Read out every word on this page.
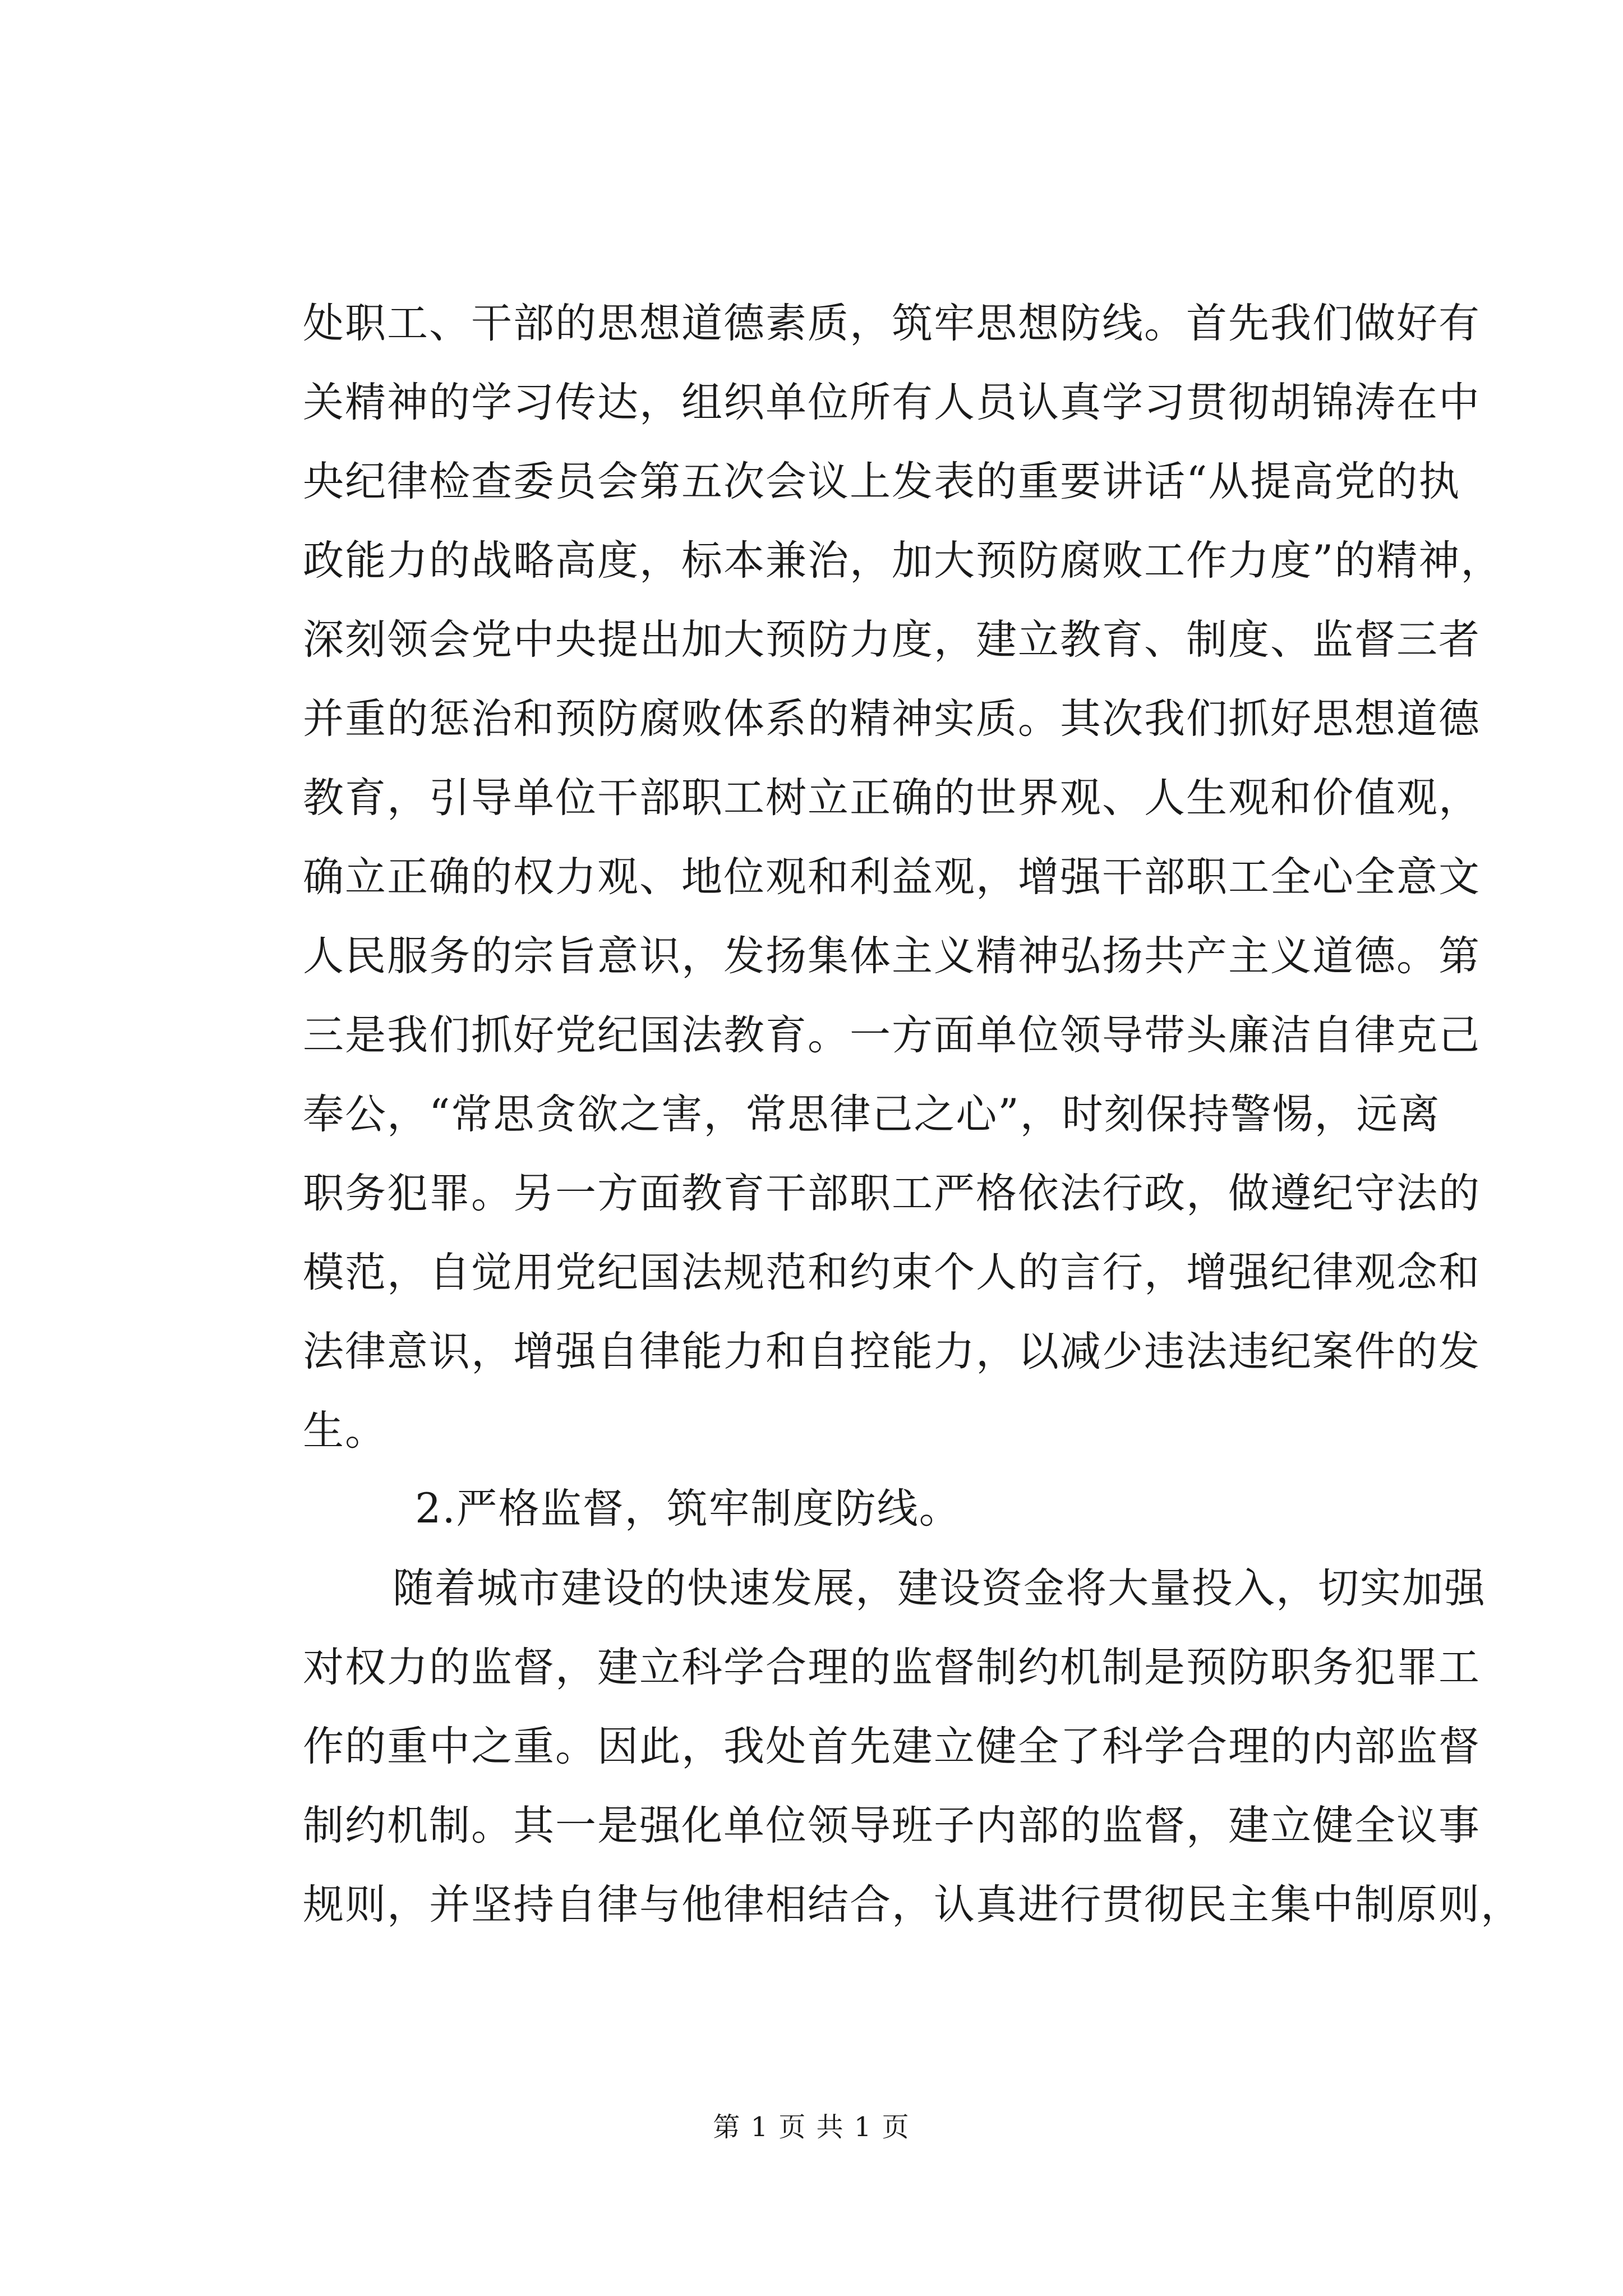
处职工、干部的思想道德素质，筑牢思想防线。首先我们做好有
关精神的学习传达，组织单位所有人员认真学习贯彻胡锦涛在中
央纪律检查委员会第五次会议上发表的重要讲话“从提高党的执
政能力的战略高度，标本兼治，加大预防腐败工作力度”的精神，
深刻领会党中央提出加大预防力度，建立教育、制度、监督三者
并重的惩治和预防腐败体系的精神实质。其次我们抓好思想道德
教育，引导单位干部职工树立正确的世界观、人生观和价值观，
确立正确的权力观、地位观和利益观，增强干部职工全心全意文
人民服务的宗旨意识，发扬集体主义精神弘扬共产主义道德。第
三是我们抓好党纪国法教育。一方面单位领导带头廉洁自律克己
奉公，“常思贪欲之害，常思律己之心”，时刻保持警惕，远离
职务犯罪。另一方面教育干部职工严格依法行政，做遵纪守法的
模范，自觉用党纪国法规范和约束个人的言行，增强纪律观念和
法律意识，增强自律能力和自控能力，以减少违法违纪案件的发
生。
2.严格监督，筑牢制度防线。
随着城市建设的快速发展，建设资金将大量投入，切实加强
对权力的监督，建立科学合理的监督制约机制是预防职务犯罪工
作的重中之重。因此，我处首先建立健全了科学合理的内部监督
制约机制。其一是强化单位领导班子内部的监督，建立健全议事
规则，并坚持自律与他律相结合，认真进行贯彻民主集中制原则，
第 1 页 共 1 页
